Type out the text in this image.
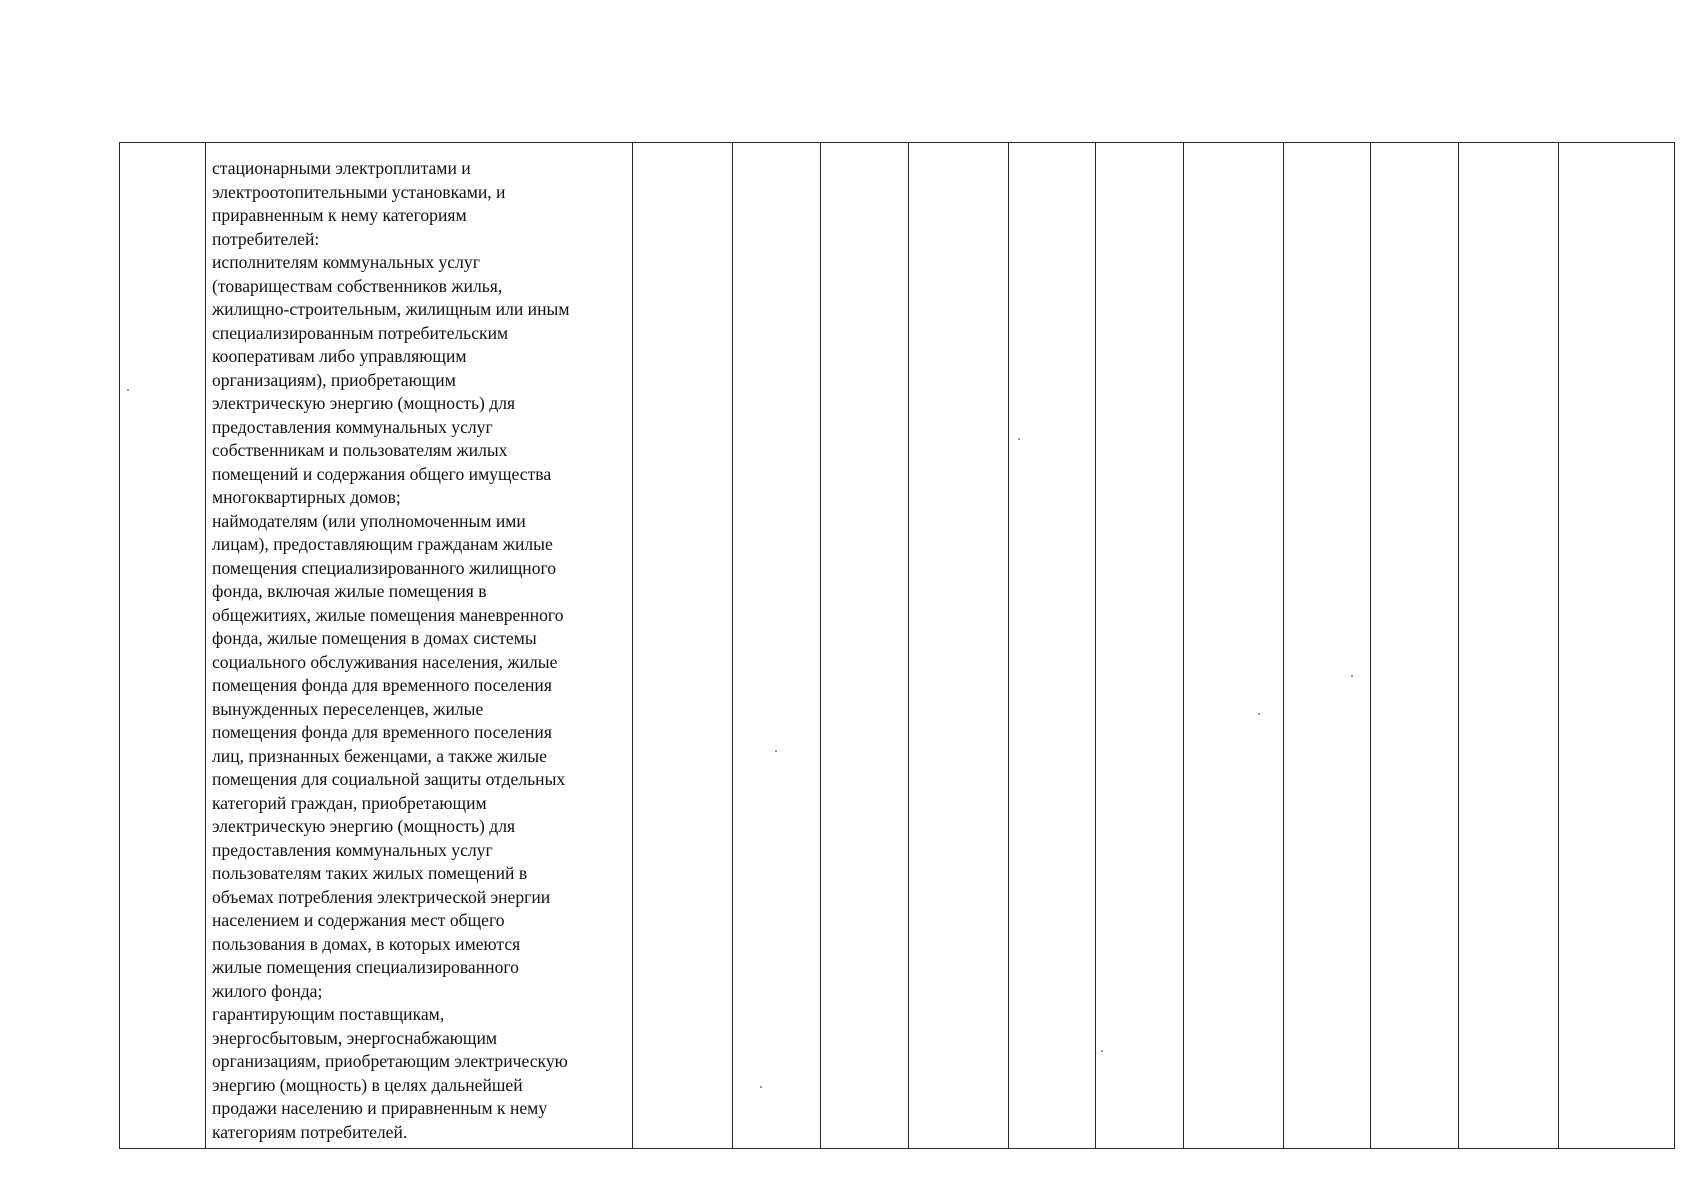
стационарными электроплитами и
электроотопительными установками, и
приравненным к нему категориям
потребителей:
исполнителям коммунальных услуг
(товариществам собственников жилья,
жилищно-строительным, жилищным или иным
специализированным потребительским
кооперативам либо управляющим
организациям), приобретающим
электрическую энергию (мощность) для
предоставления коммунальных услуг
собственникам и пользователям жилых
помещений и содержания общего имущества
многоквартирных домов;
наймодателям (или уполномоченным ими
лицам), предоставляющим гражданам жилые
помещения специализированного жилищного
фонда, включая жилые помещения в
общежитиях, жилые помещения маневренного
фонда, жилые помещения в домах системы
социального обслуживания населения, жилые
помещения фонда для временного поселения
вынужденных переселенцев, жилые
помещения фонда для временного поселения
лиц, признанных беженцами, а также жилые
помещения для социальной защиты отдельных
категорий граждан, приобретающим
электрическую энергию (мощность) для
предоставления коммунальных услуг
пользователям таких жилых помещений в
объемах потребления электрической энергии
населением и содержания мест общего
пользования в домах, в которых имеются
жилые помещения специализированного
жилого фонда;
гарантирующим поставщикам,
энергосбытовым, энергоснабжающим
организациям, приобретающим электрическую
энергию (мощность) в целях дальнейшей
продажи населению и приравненным к нему
категориям потребителей.
